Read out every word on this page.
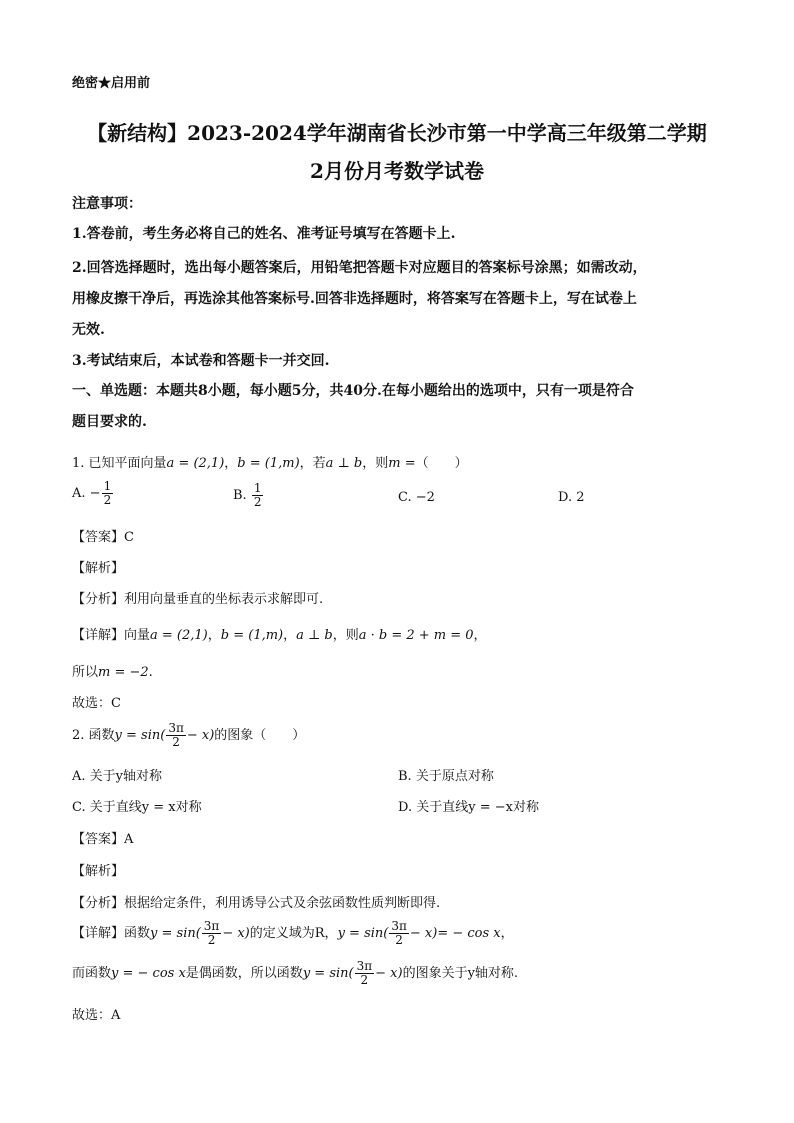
绝密★启用前
【新结构】2023-2024学年湖南省长沙市第一中学高三年级第二学期
2月份月考数学试卷
注意事项：
1.答卷前，考生务必将自己的姓名、准考证号填写在答题卡上.
2.回答选择题时，选出每小题答案后，用铅笔把答题卡对应题目的答案标号涂黑；如需改动，
用橡皮擦干净后，再选涂其他答案标号.回答非选择题时，将答案写在答题卡上，写在试卷上
无效.
3.考试结束后，本试卷和答题卡一并交回.
一、单选题：本题共8小题，每小题5分，共40分.在每小题给出的选项中，只有一项是符合
题目要求的.
1. 已知平面向量a = (2,1)，b = (1,m)，若a ⊥ b，则m =（　　）
A. − $\frac{1}{2}$	B. $\frac{1}{2}$	C. −2	D. 2
【答案】C
【解析】
【分析】利用向量垂直的坐标表示求解即可.
【详解】向量a = (2,1)，b = (1,m)，a ⊥ b，则a · b = 2 + m = 0，
所以m = −2.
故选：C
2. 函数$y = \sin( \frac{3\pi}{2} - x)$的图象（　　）
A. 关于y轴对称	B. 关于原点对称
C. 关于直线y = x对称	D. 关于直线y = −x对称
【答案】A
【解析】
【分析】根据给定条件，利用诱导公式及余弦函数性质判断即得.
【详解】函数$y = \sin( \frac{3\pi}{2} - x)$的定义域为R，$y = \sin( \frac{3\pi}{2} - x)= - \cos x$，
而函数y = − cos x是偶函数，所以函数$y = \sin( \frac{3\pi}{2} - x)$的图象关于y轴对称.
故选：A
